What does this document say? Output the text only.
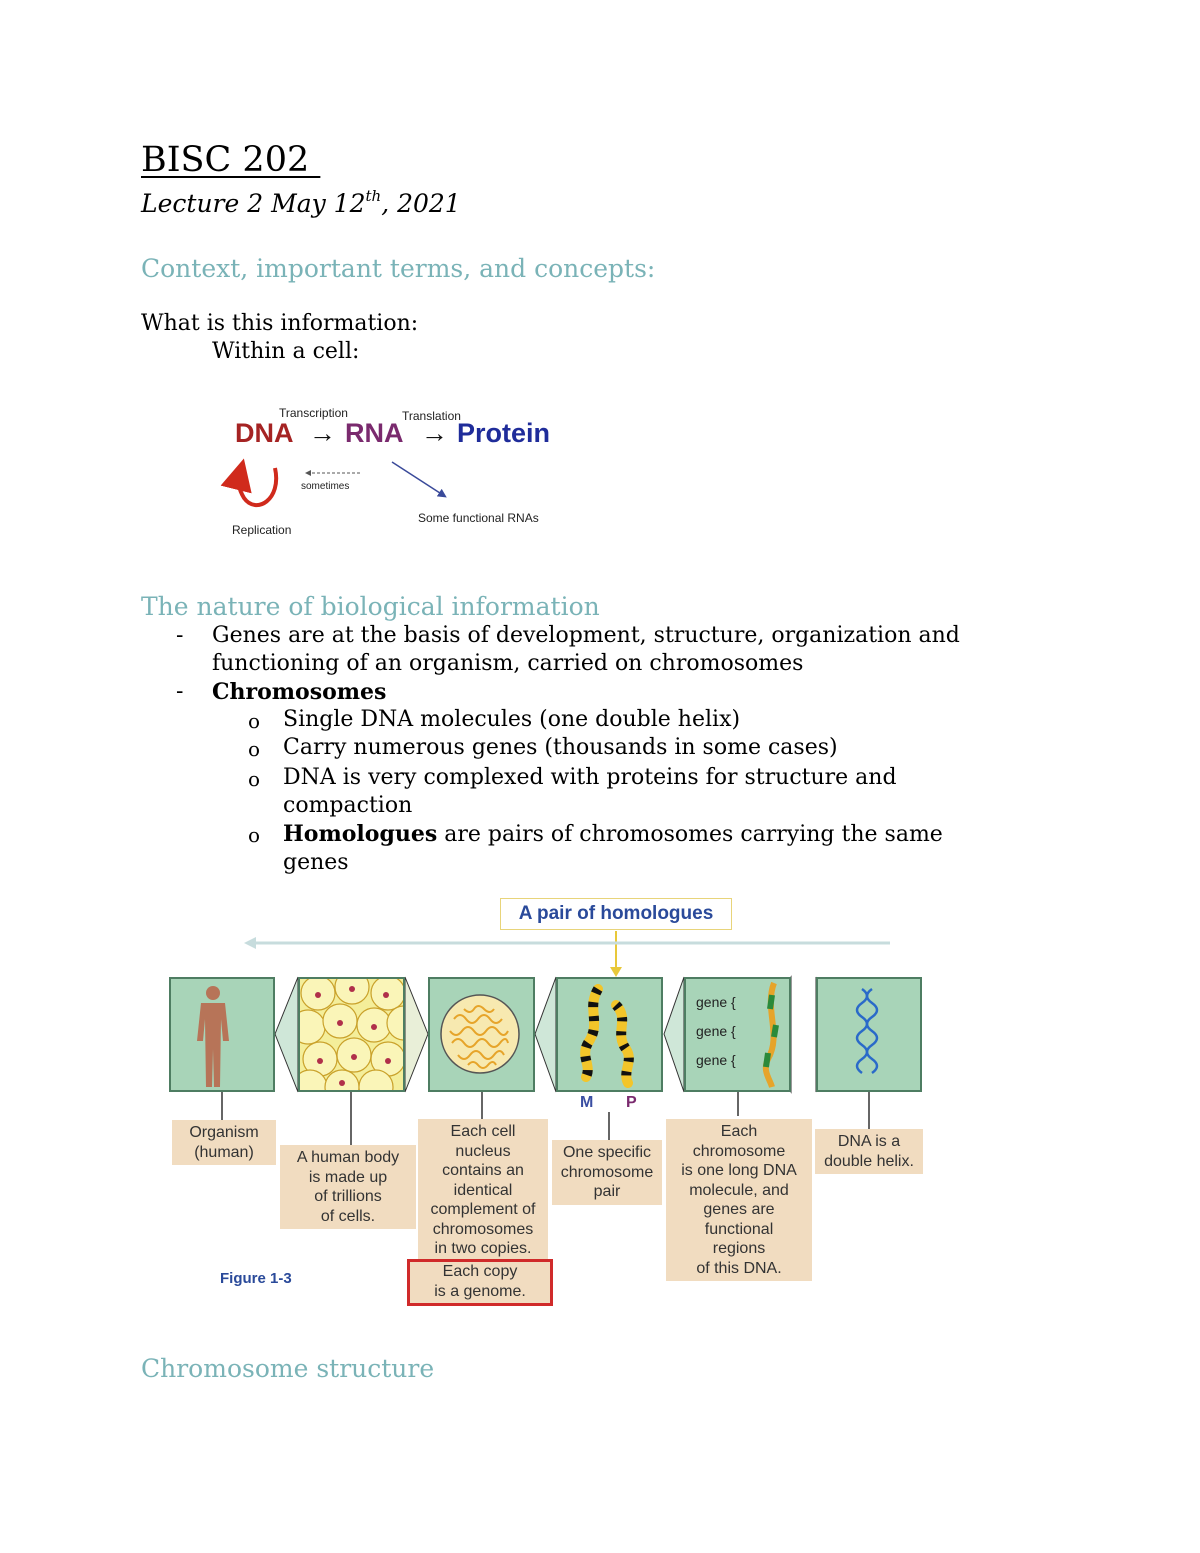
BISC 202
Lecture 2 May 12th, 2021
Context, important terms, and concepts:
What is this information:
Within a cell:
Transcription	Translation
DNA → RNA → Protein
sometimes
Replication
Some functional RNAs
The nature of biological information
- Genes are at the basis of development, structure, organization and functioning of an organism, carried on chromosomes
- Chromosomes
o Single DNA molecules (one double helix)
o Carry numerous genes (thousands in some cases)
o DNA is very complexed with proteins for structure and compaction
o Homologues are pairs of chromosomes carrying the same genes
A pair of homologues
M P
gene {
gene {
gene {
Organism
(human)	A human body
is made up
of trillions
of cells.
Each cell
nucleus
contains an
identical
complement of
chromosomes
in two copies.
Each copy
is a genome.
One specific
chromosome
pair
Each
chromosome
is one long DNA
molecule, and
genes are
functional
regions
of this DNA.
DNA is a
double helix.
Figure 1-3
Chromosome structure
